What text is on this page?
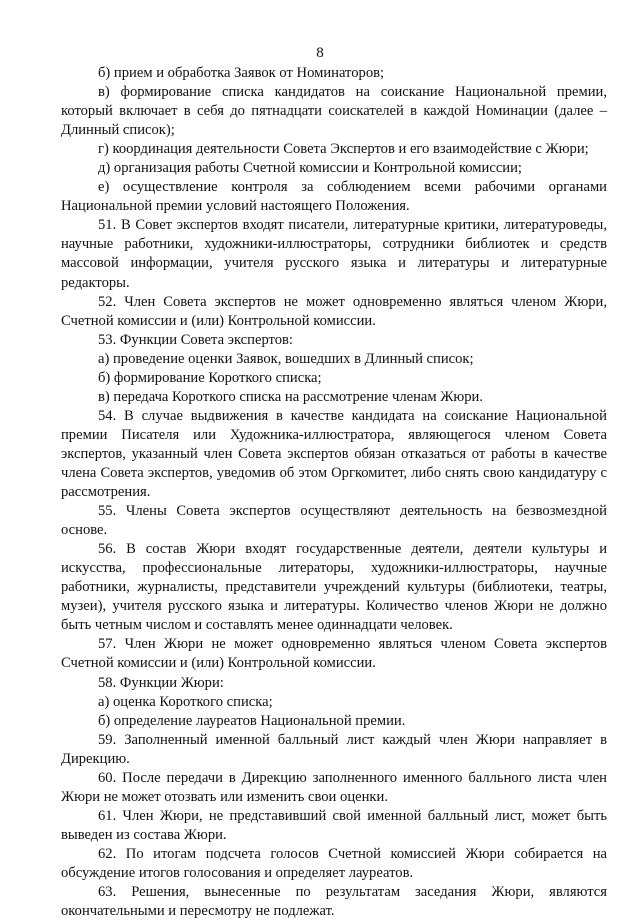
8

б) прием и обработка Заявок от Номинаторов;

в) формирование списка кандидатов на соискание Национальной премии, который включает в себя до пятнадцати соискателей в каждой Номинации (далее – Длинный список);

г) координация деятельности Совета Экспертов и его взаимодействие с Жюри;

д) организация работы Счетной комиссии и Контрольной комиссии;

е) осуществление контроля за соблюдением всеми рабочими органами Национальной премии условий настоящего Положения.

51. В Совет экспертов входят писатели, литературные критики, литературоведы, научные работники, художники-иллюстраторы, сотрудники библиотек и средств массовой информации, учителя русского языка и литературы и литературные редакторы.

52. Член Совета экспертов не может одновременно являться членом Жюри, Счетной комиссии и (или) Контрольной комиссии.

53. Функции Совета экспертов:

а) проведение оценки Заявок, вошедших в Длинный список;

б) формирование Короткого списка;

в) передача Короткого списка на рассмотрение членам Жюри.

54. В случае выдвижения в качестве кандидата на соискание Национальной премии Писателя или Художника-иллюстратора, являющегося членом Совета экспертов, указанный член Совета экспертов обязан отказаться от работы в качестве члена Совета экспертов, уведомив об этом Оргкомитет, либо снять свою кандидатуру с рассмотрения.

55. Члены Совета экспертов осуществляют деятельность на безвозмездной основе.

56. В состав Жюри входят государственные деятели, деятели культуры и искусства, профессиональные литераторы, художники-иллюстраторы, научные работники, журналисты, представители учреждений культуры (библиотеки, театры, музеи), учителя русского языка и литературы. Количество членов Жюри не должно быть четным числом и составлять менее одиннадцати человек.

57. Член Жюри не может одновременно являться членом Совета экспертов Счетной комиссии и (или) Контрольной комиссии.

58. Функции Жюри:

а) оценка Короткого списка;

б) определение лауреатов Национальной премии.

59. Заполненный именной балльный лист каждый член Жюри направляет в Дирекцию.

60. После передачи в Дирекцию заполненного именного балльного листа член Жюри не может отозвать или изменить свои оценки.

61. Член Жюри, не представивший свой именной балльный лист, может быть выведен из состава Жюри.

62. По итогам подсчета голосов Счетной комиссией Жюри собирается на обсуждение итогов голосования и определяет лауреатов.

63. Решения, вынесенные по результатам заседания Жюри, являются окончательными и пересмотру не подлежат.
